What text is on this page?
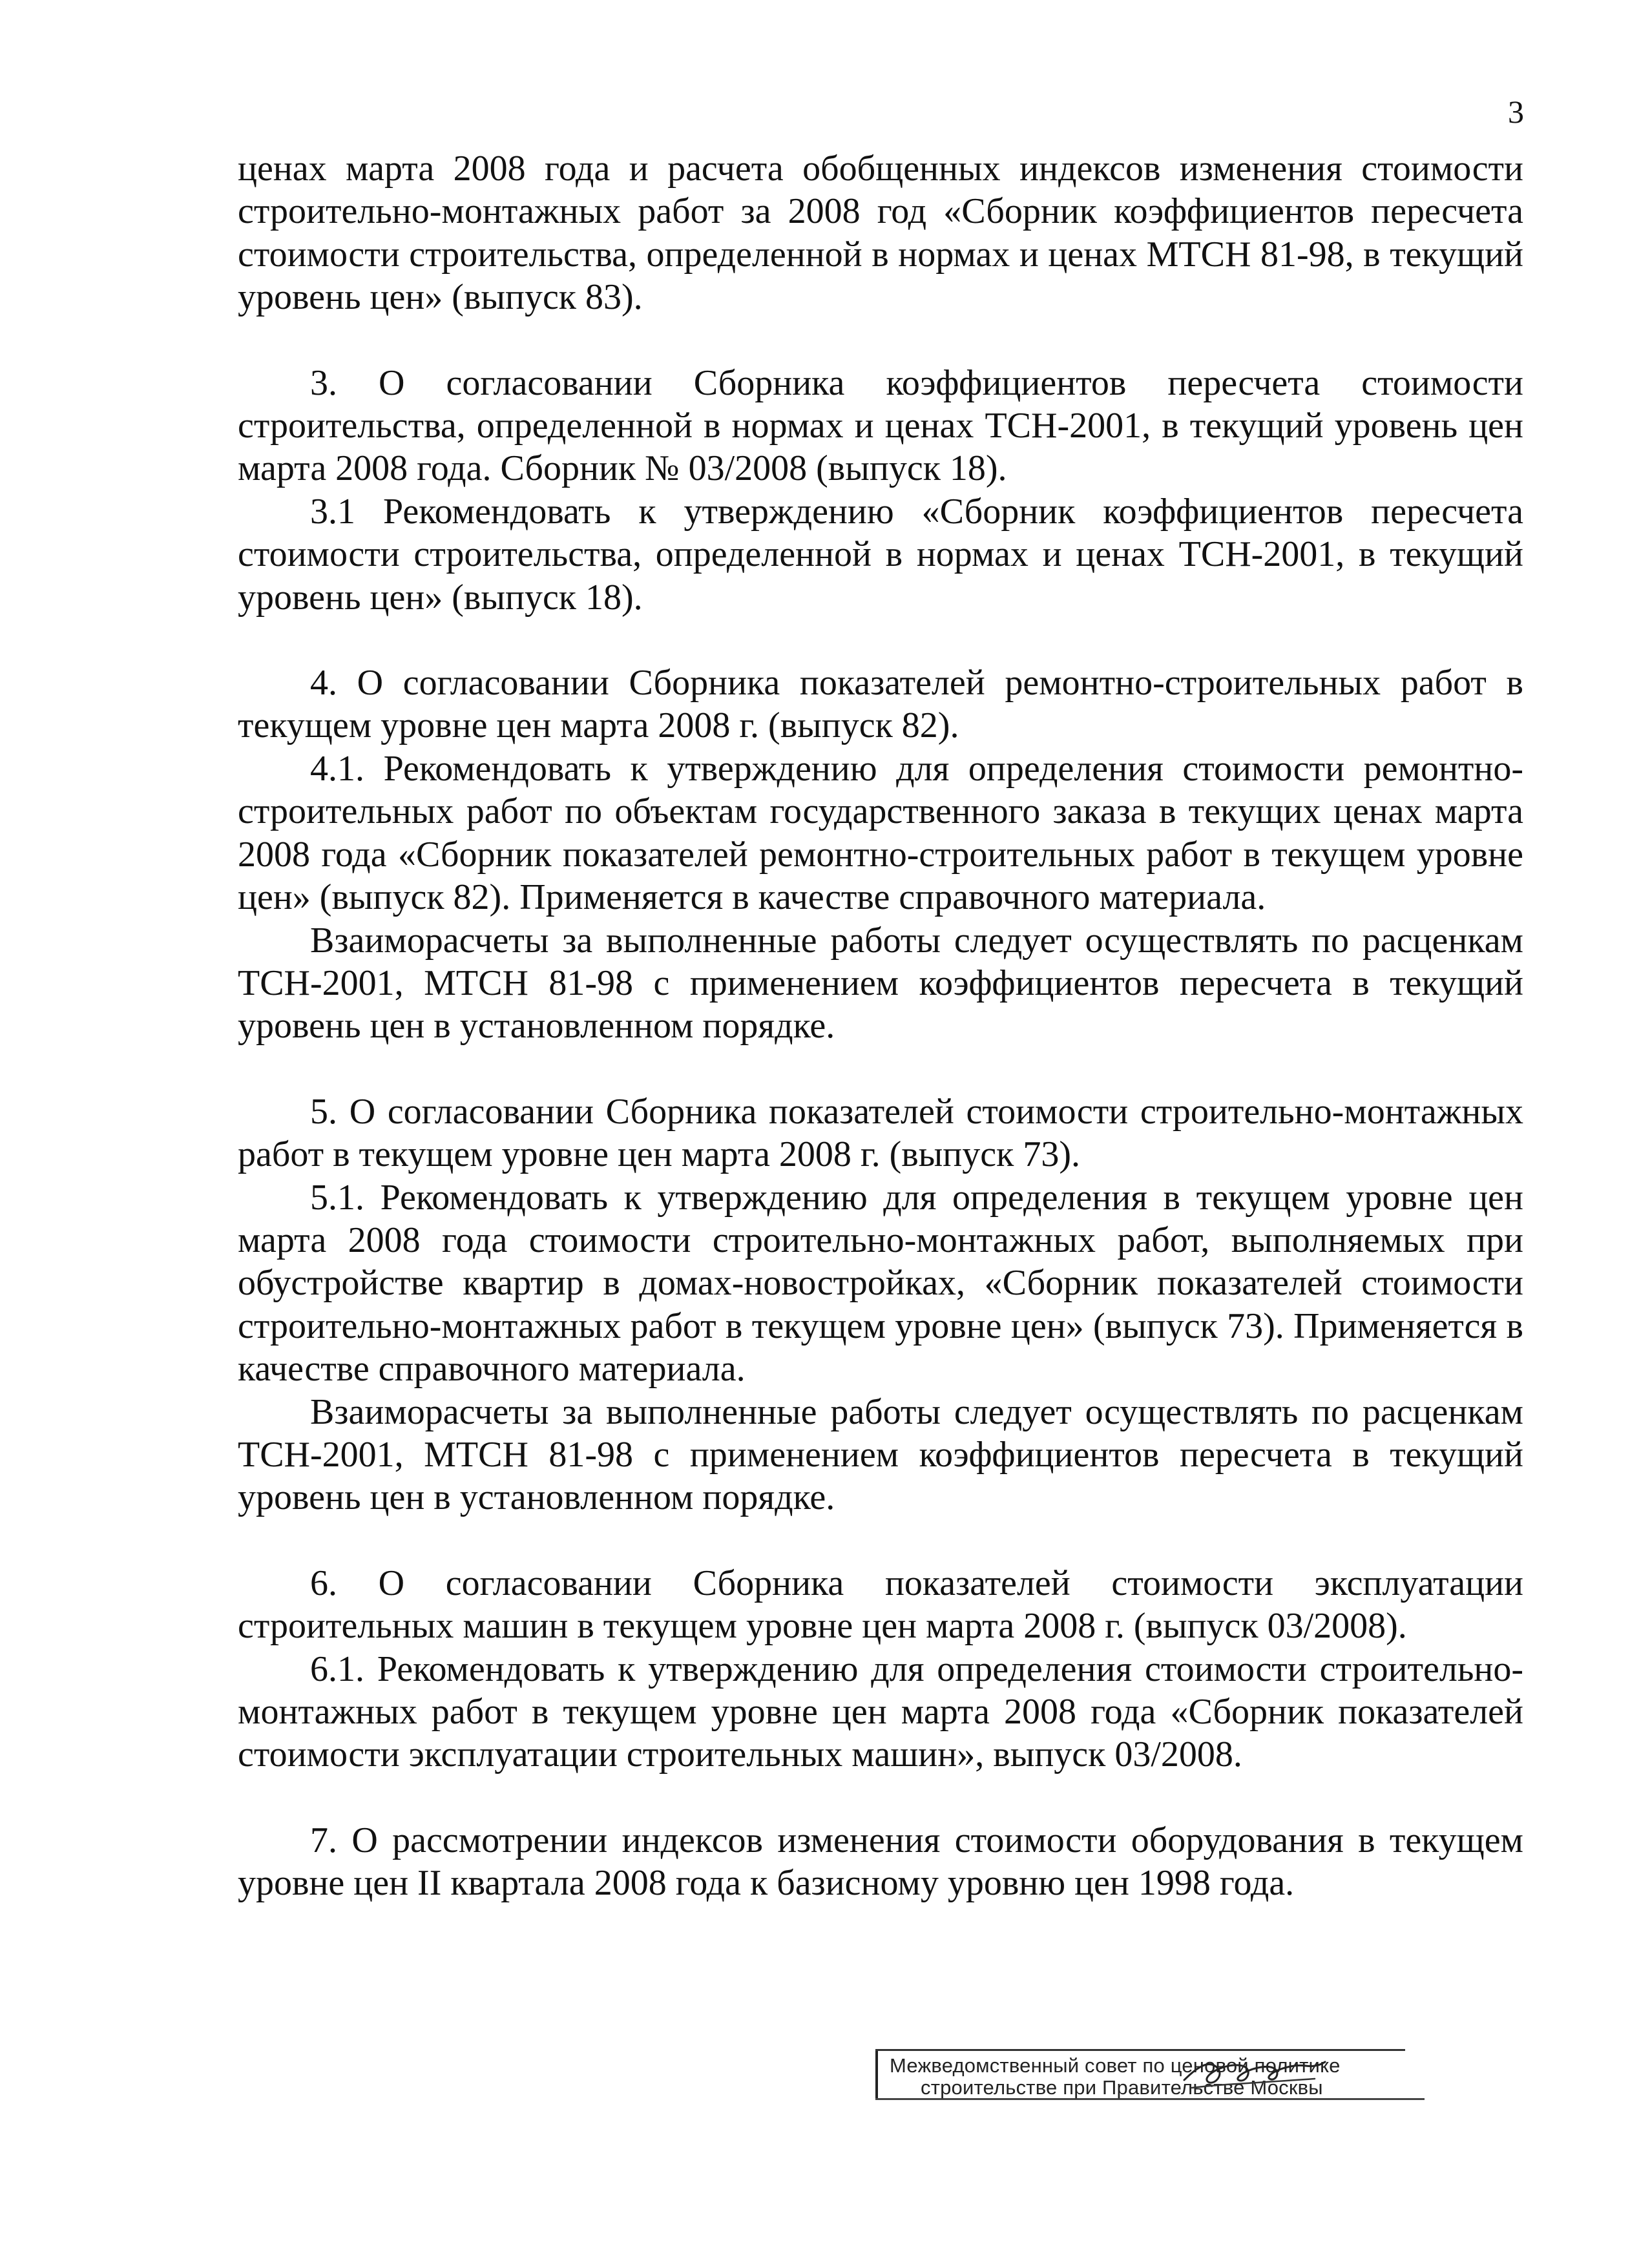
3

ценах марта 2008 года и расчета обобщенных индексов изменения стоимости строительно-монтажных работ за 2008 год «Сборник коэффициентов пересчета стоимости строительства, определенной в нормах и ценах МТСН 81-98, в текущий уровень цен» (выпуск 83).

3. О согласовании Сборника коэффициентов пересчета стоимости строительства, определенной в нормах и ценах ТСН-2001, в текущий уровень цен марта 2008 года. Сборник № 03/2008 (выпуск 18).

3.1 Рекомендовать к утверждению «Сборник коэффициентов пересчета стоимости строительства, определенной в нормах и ценах ТСН-2001, в текущий уровень цен» (выпуск 18).

4. О согласовании Сборника показателей ремонтно-строительных работ в текущем уровне цен марта 2008 г. (выпуск 82).

4.1. Рекомендовать к утверждению для определения стоимости ремонтно-строительных работ по объектам государственного заказа в текущих ценах марта 2008 года «Сборник показателей ремонтно-строительных работ в текущем уровне цен» (выпуск 82). Применяется в качестве справочного материала.

Взаиморасчеты за выполненные работы следует осуществлять по расценкам ТСН-2001, МТСН 81-98 с применением коэффициентов пересчета в текущий уровень цен в установленном порядке.

5. О согласовании Сборника показателей стоимости строительно-монтажных работ в текущем уровне цен марта 2008 г. (выпуск 73).

5.1. Рекомендовать к утверждению для определения в текущем уровне цен марта 2008 года стоимости строительно-монтажных работ, выполняемых при обустройстве квартир в домах-новостройках, «Сборник показателей стоимости строительно-монтажных работ в текущем уровне цен» (выпуск 73). Применяется в качестве справочного материала.

Взаиморасчеты за выполненные работы следует осуществлять по расценкам ТСН-2001, МТСН 81-98 с применением коэффициентов пересчета в текущий уровень цен в установленном порядке.

6. О согласовании Сборника показателей стоимости эксплуатации строительных машин в текущем уровне цен марта 2008 г. (выпуск 03/2008).

6.1. Рекомендовать к утверждению для определения стоимости строительно-монтажных работ в текущем уровне цен марта 2008 года «Сборник показателей стоимости эксплуатации строительных машин», выпуск 03/2008.

7. О рассмотрении индексов изменения стоимости оборудования в текущем уровне цен II квартала 2008 года к базисному уровню цен 1998 года.

Межведомственный совет по ценовой политике
строительстве при Правительстве Москвы
